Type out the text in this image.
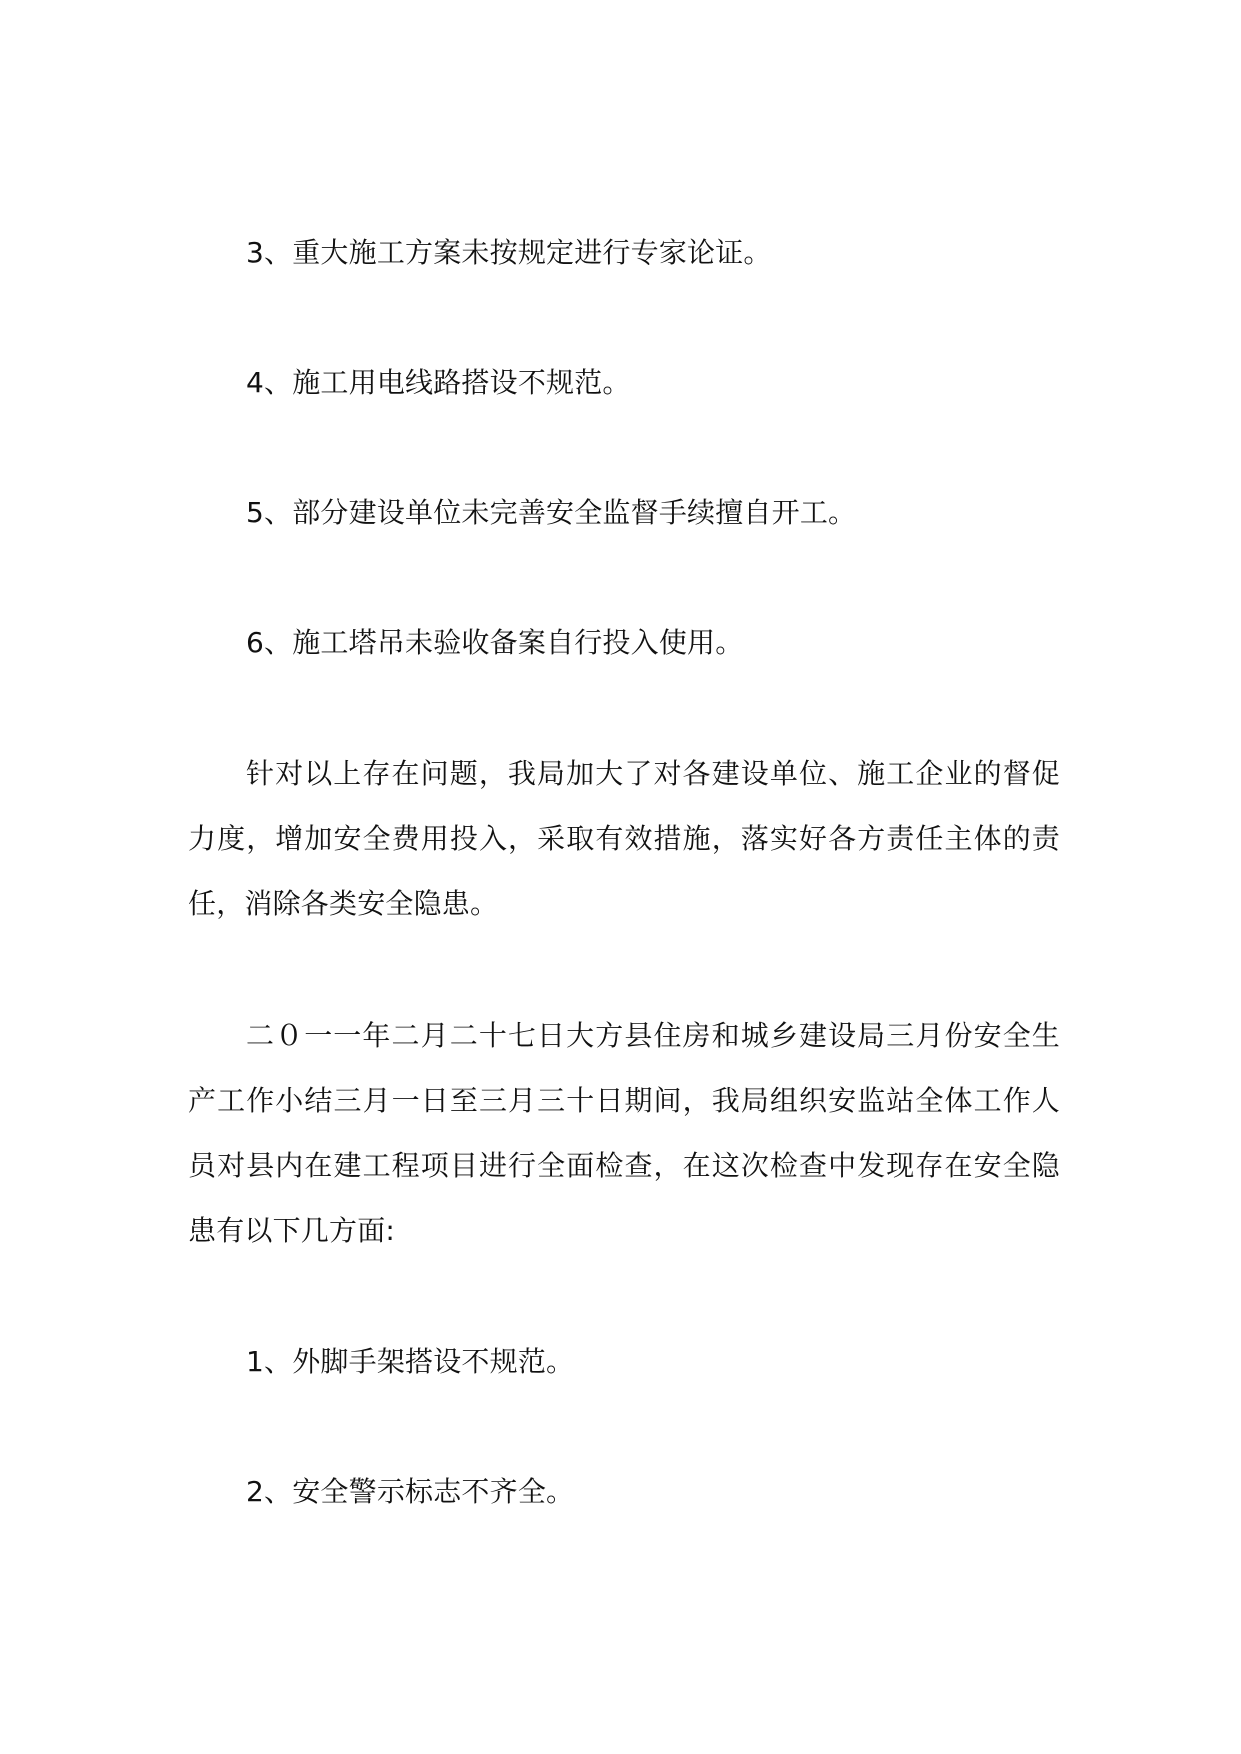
3、重大施工方案未按规定进行专家论证。

4、施工用电线路搭设不规范。

5、部分建设单位未完善安全监督手续擅自开工。

6、施工塔吊未验收备案自行投入使用。

针对以上存在问题，我局加大了对各建设单位、施工企业的督促力度，增加安全费用投入，采取有效措施，落实好各方责任主体的责任，消除各类安全隐患。

二０一一年二月二十七日大方县住房和城乡建设局三月份安全生产工作小结三月一日至三月三十日期间，我局组织安监站全体工作人员对县内在建工程项目进行全面检查，在这次检查中发现存在安全隐患有以下几方面:

1、外脚手架搭设不规范。

2、安全警示标志不齐全。
